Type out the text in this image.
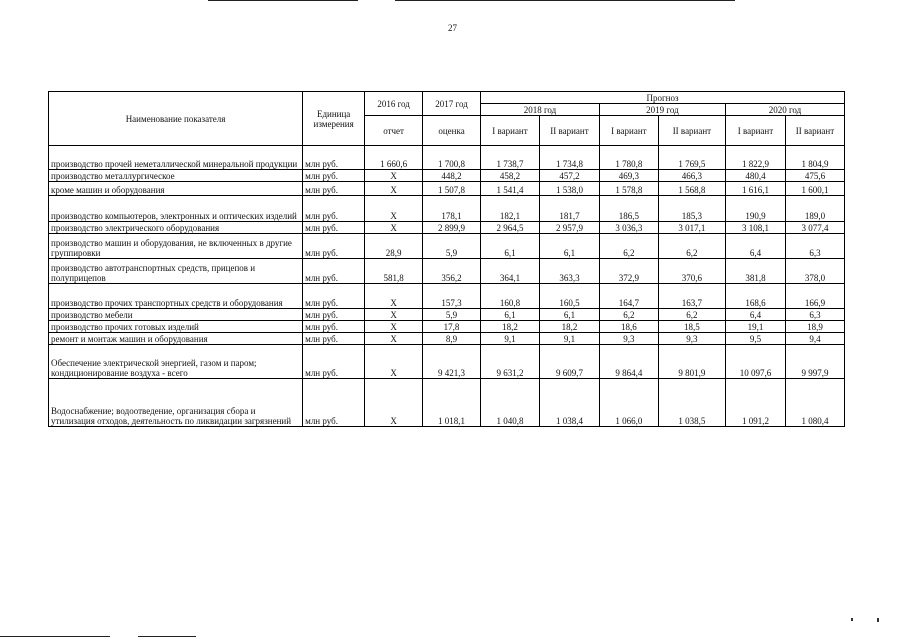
27
Наименование показателя	Единица измерения	2016 год	2017 год	Прогноз					
				2018 год		2019 год		2020 год	
		отчет	оценка	I вариант	II вариант	I вариант	II вариант	I вариант	II вариант
производство прочей неметаллической минеральной продукции	млн руб.	1 660,6	1 700,8	1 738,7	1 734,8	1 780,8	1 769,5	1 822,9	1 804,9
производство металлургическое	млн руб.	X	448,2	458,2	457,2	469,3	466,3	480,4	475,6
кроме машин и оборудования	млн руб.	X	1 507,8	1 541,4	1 538,0	1 578,8	1 568,8	1 616,1	1 600,1
производство компьютеров, электронных и оптических изделий	млн руб.	X	178,1	182,1	181,7	186,5	185,3	190,9	189,0
производство электрического оборудования	млн руб.	X	2 899,9	2 964,5	2 957,9	3 036,3	3 017,1	3 108,1	3 077,4
производство машин и оборудования, не включенных в другие группировки	млн руб.	28,9	5,9	6,1	6,1	6,2	6,2	6,4	6,3
производство автотранспортных средств, прицепов и полуприцепов	млн руб.	581,8	356,2	364,1	363,3	372,9	370,6	381,8	378,0
производство прочих транспортных средств и оборудования	млн руб.	X	157,3	160,8	160,5	164,7	163,7	168,6	166,9
производство мебели	млн руб.	X	5,9	6,1	6,1	6,2	6,2	6,4	6,3
производство прочих готовых изделий	млн руб.	X	17,8	18,2	18,2	18,6	18,5	19,1	18,9
ремонт и монтаж машин и оборудования	млн руб.	X	8,9	9,1	9,1	9,3	9,3	9,5	9,4
Обеспечение электрической энергией, газом и паром; кондиционирование воздуха - всего	млн руб.	X	9 421,3	9 631,2	9 609,7	9 864,4	9 801,9	10 097,6	9 997,9
Водоснабжение; водоотведение, организация сбора и утилизация отходов, деятельность по ликвидации загрязнений	млн руб.	X	1 018,1	1 040,8	1 038,4	1 066,0	1 038,5	1 091,2	1 080,4
